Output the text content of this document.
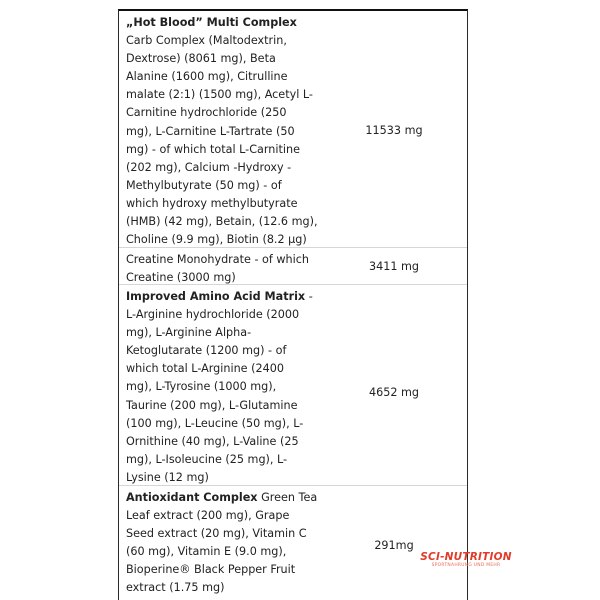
„Hot Blood” Multi Complex
Carb Complex (Maltodextrin,
Dextrose) (8061 mg), Beta
Alanine (1600 mg), Citrulline
malate (2:1) (1500 mg), Acetyl L-
Carnitine hydrochloride (250
mg), L-Carnitine L-Tartrate (50
mg) - of which total L-Carnitine
(202 mg), Calcium -Hydroxy -
Methylbutyrate (50 mg) - of
which hydroxy methylbutyrate
(HMB) (42 mg), Betain, (12.6 mg),
Choline (9.9 mg), Biotin (8.2 µg)
11533 mg
Creatine Monohydrate - of which
Creatine (3000 mg)
3411 mg
Improved Amino Acid Matrix -
L-Arginine hydrochloride (2000
mg), L-Arginine Alpha-
Ketoglutarate (1200 mg) - of
which total L-Arginine (2400
mg), L-Tyrosine (1000 mg),
Taurine (200 mg), L-Glutamine
(100 mg), L-Leucine (50 mg), L-
Ornithine (40 mg), L-Valine (25
mg), L-Isoleucine (25 mg), L-
Lysine (12 mg)
4652 mg
Antioxidant Complex Green Tea
Leaf extract (200 mg), Grape
Seed extract (20 mg), Vitamin C
(60 mg), Vitamin E (9.0 mg),
Bioperine® Black Pepper Fruit
extract (1.75 mg)
291mg
SCI-NUTRITION
SPORTNAHRUNG UND MEHR
